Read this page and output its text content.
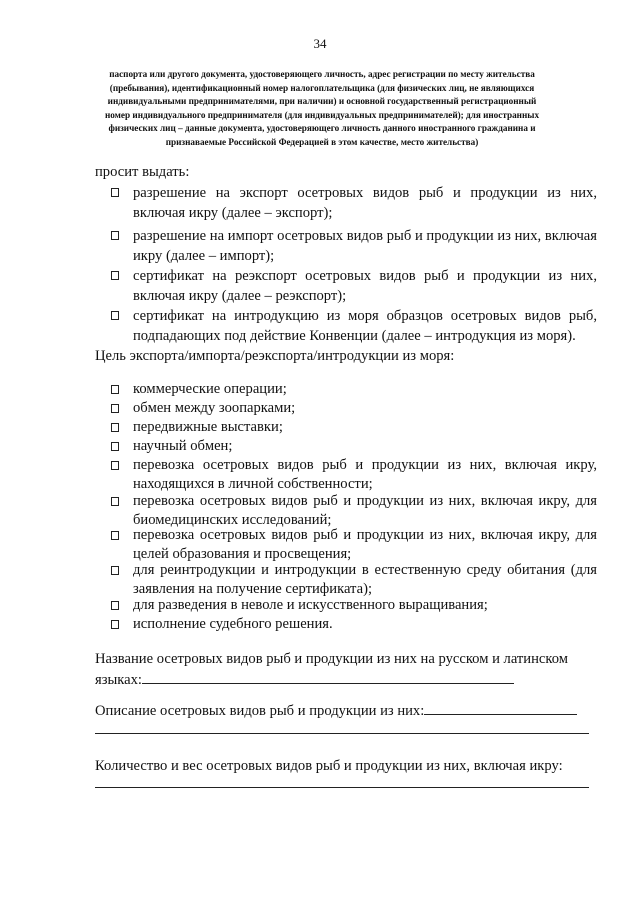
34
паспорта или другого документа, удостоверяющего личность, адрес регистрации по месту жительства (пребывания), идентификационный номер налогоплательщика (для физических лиц, не являющихся индивидуальными предпринимателями, при наличии) и основной государственный регистрационный номер индивидуального предпринимателя (для индивидуальных предпринимателей); для иностранных физических лиц – данные документа, удостоверяющего личность данного иностранного гражданина и признаваемые Российской Федерацией в этом качестве, место жительства)
просит выдать:
разрешение на экспорт осетровых видов рыб и продукции из них, включая икру (далее – экспорт);
разрешение на импорт осетровых видов рыб и продукции из них, включая икру (далее – импорт);
сертификат на реэкспорт осетровых видов рыб и продукции из них, включая икру (далее – реэкспорт);
сертификат на интродукцию из моря образцов осетровых видов рыб, подпадающих под действие Конвенции (далее – интродукция из моря).
Цель экспорта/импорта/реэкспорта/интродукции из моря:
коммерческие операции;
обмен между зоопарками;
передвижные выставки;
научный обмен;
перевозка осетровых видов рыб и продукции из них, включая икру, находящихся в личной собственности;
перевозка осетровых видов рыб и продукции из них, включая икру, для биомедицинских исследований;
перевозка осетровых видов рыб и продукции из них, включая икру, для целей образования и просвещения;
для реинтродукции и интродукции в естественную среду обитания (для заявления на получение сертификата);
для разведения в неволе и искусственного выращивания;
исполнение судебного решения.
Название осетровых видов рыб и продукции из них на русском и латинском
языках:
Описание осетровых видов рыб и продукции из них:
Количество и вес осетровых видов рыб и продукции из них, включая икру:
